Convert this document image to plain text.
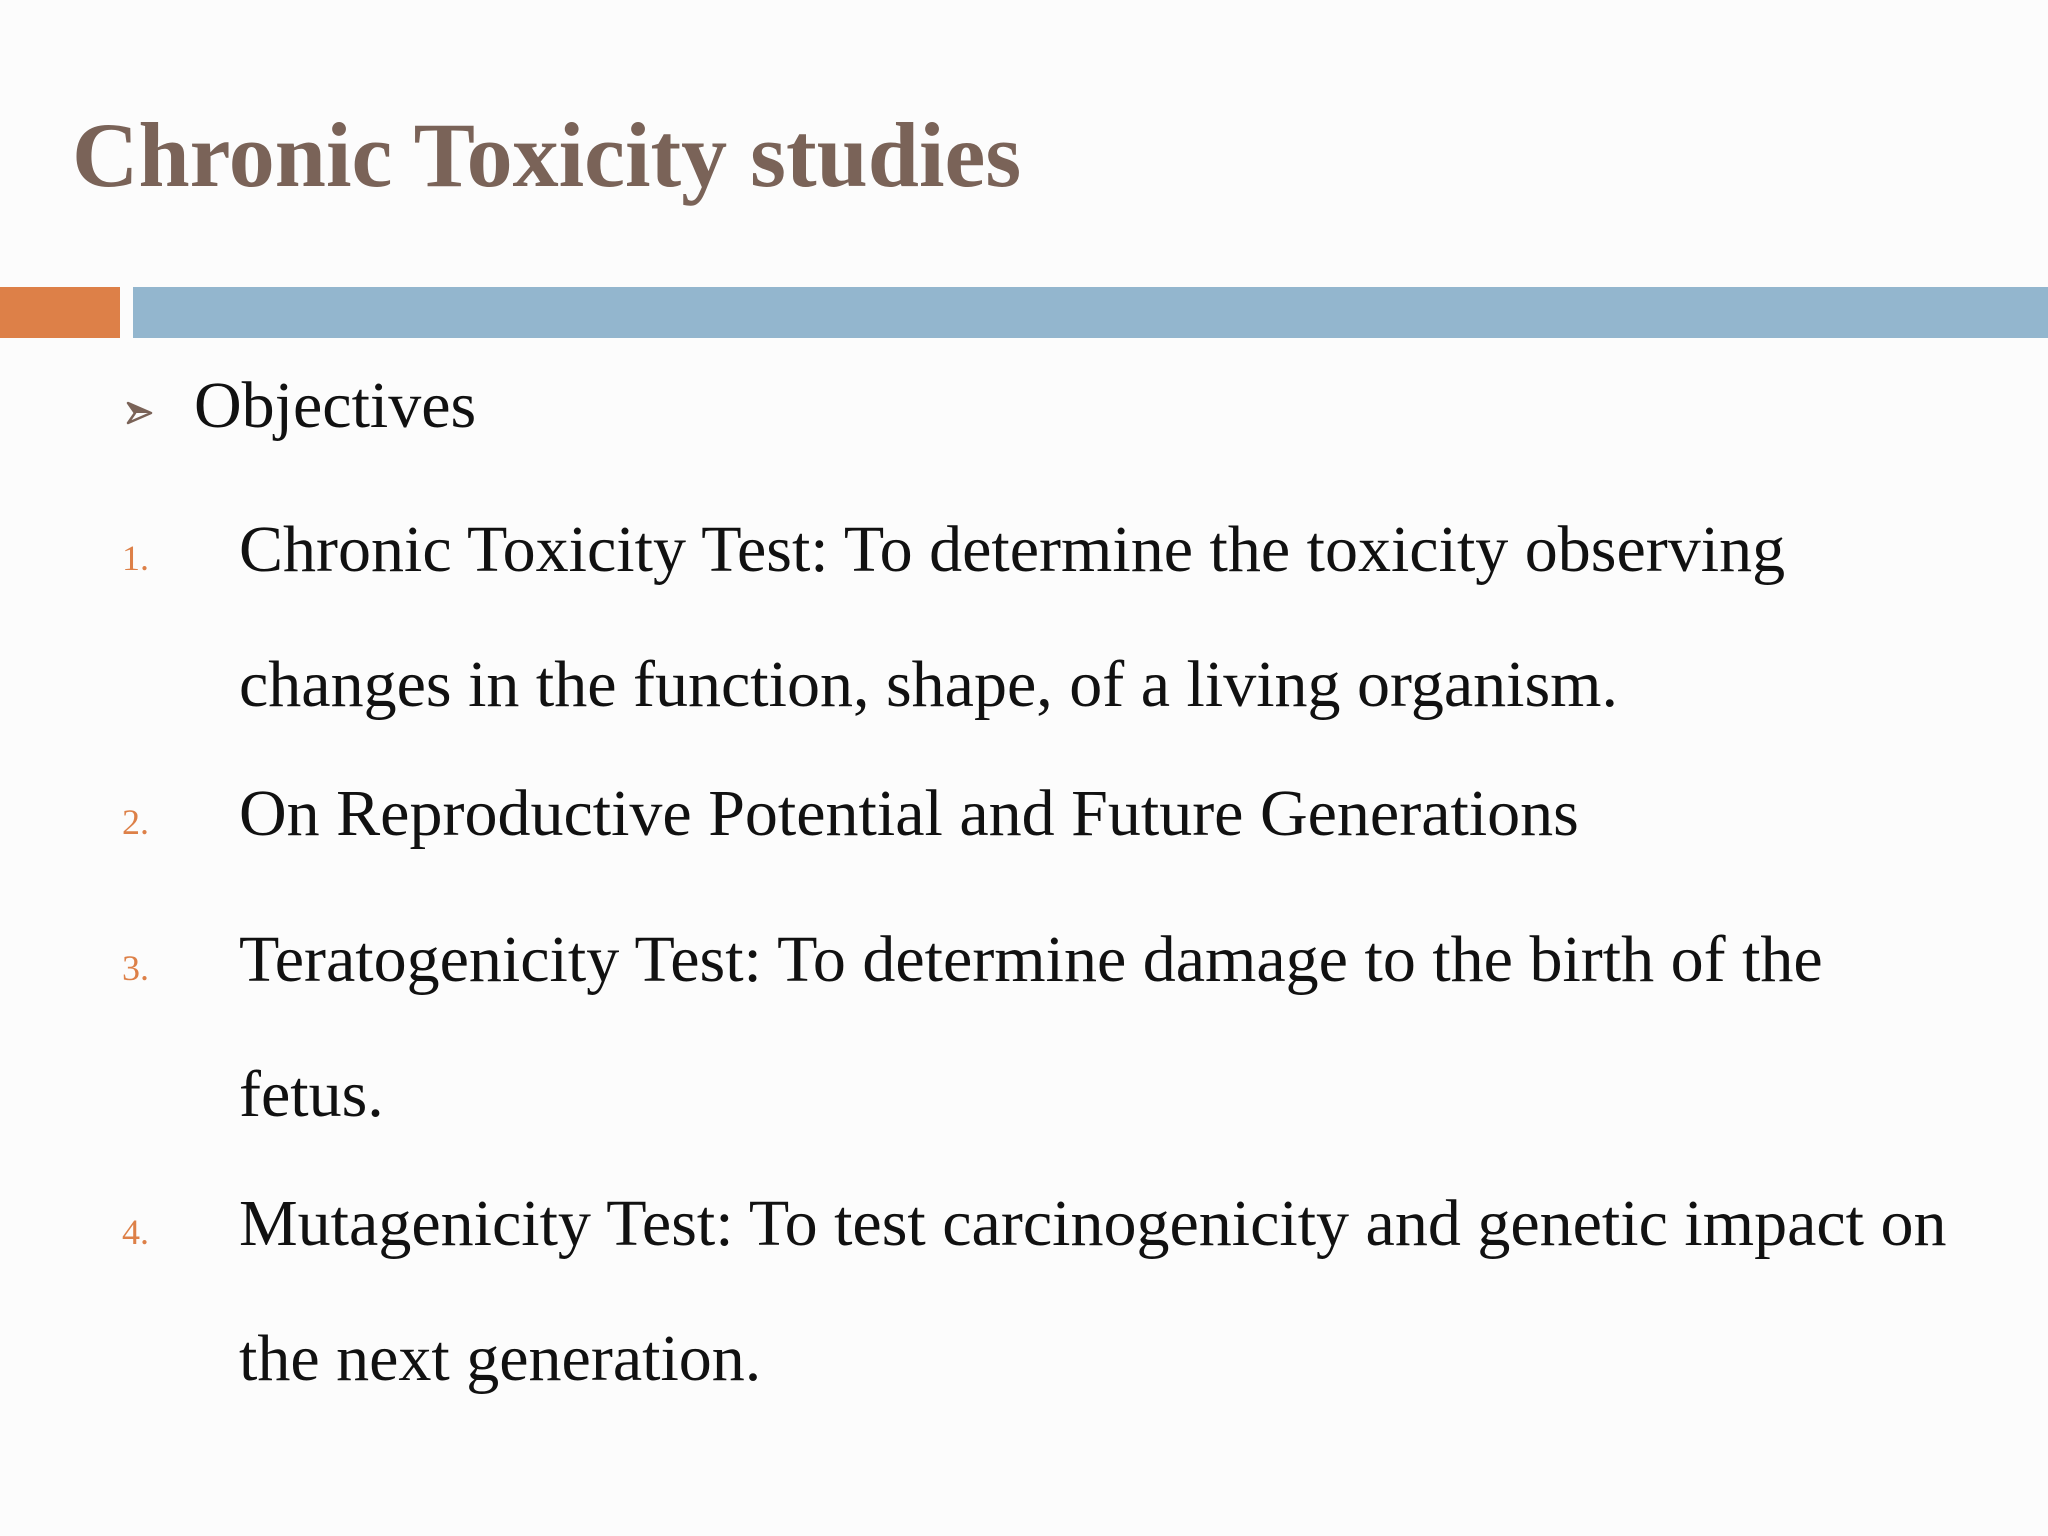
Chronic Toxicity studies
Objectives
1. Chronic Toxicity Test: To determine the toxicity observing changes in the function, shape, of a living organism.
2. On Reproductive Potential and Future Generations
3. Teratogenicity Test: To determine damage to the birth of the fetus.
4. Mutagenicity Test: To test carcinogenicity and genetic impact on the next generation.
